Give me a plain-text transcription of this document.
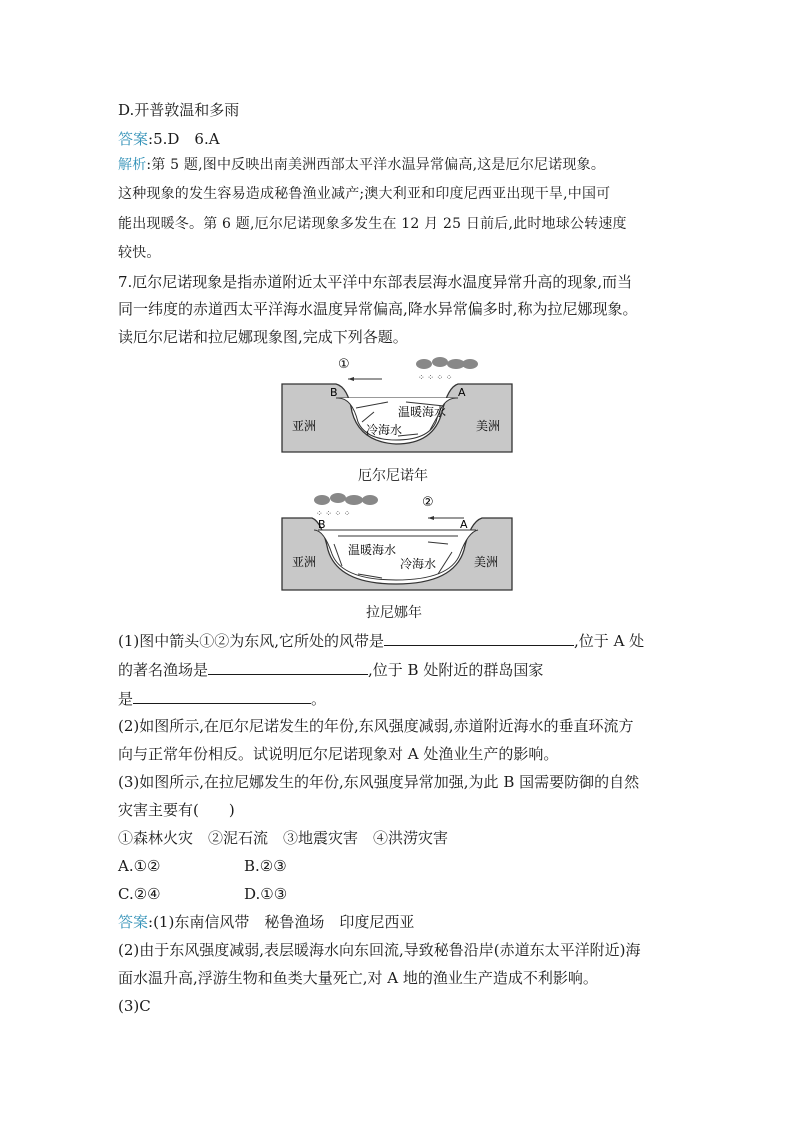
D.开普敦温和多雨
答案:5.D　6.A
解析:第 5 题,图中反映出南美洲西部太平洋水温异常偏高,这是厄尔尼诺现象。
这种现象的发生容易造成秘鲁渔业减产;澳大利亚和印度尼西亚出现干旱,中国可
能出现暖冬。第 6 题,厄尔尼诺现象多发生在 12 月 25 日前后,此时地球公转速度
较快。
7.厄尔尼诺现象是指赤道附近太平洋中东部表层海水温度异常升高的现象,而当
同一纬度的赤道西太平洋海水温度异常偏高,降水异常偏多时,称为拉尼娜现象。
读厄尔尼诺和拉尼娜现象图,完成下列各题。
①
⁘ ⁘ ⁘ ⁘
B	A
温暖海水
冷海水
亚洲	美洲
厄尔尼诺年
②
⁘ ⁘ ⁘ ⁘
B	A
温暖海水
冷海水
亚洲	美洲
拉尼娜年
(1)图中箭头①②为东风,它所处的风带是	,位于 A 处
的著名渔场是	,位于 B 处附近的群岛国家
是	。
(2)如图所示,在厄尔尼诺发生的年份,东风强度减弱,赤道附近海水的垂直环流方
向与正常年份相反。试说明厄尔尼诺现象对 A 处渔业生产的影响。
(3)如图所示,在拉尼娜发生的年份,东风强度异常加强,为此 B 国需要防御的自然
灾害主要有(　　)
①森林火灾　②泥石流　③地震灾害　④洪涝灾害
A.①②	B.②③
C.②④	D.①③
答案:(1)东南信风带　秘鲁渔场　印度尼西亚
(2)由于东风强度减弱,表层暖海水向东回流,导致秘鲁沿岸(赤道东太平洋附近)海
面水温升高,浮游生物和鱼类大量死亡,对 A 地的渔业生产造成不利影响。
(3)C
